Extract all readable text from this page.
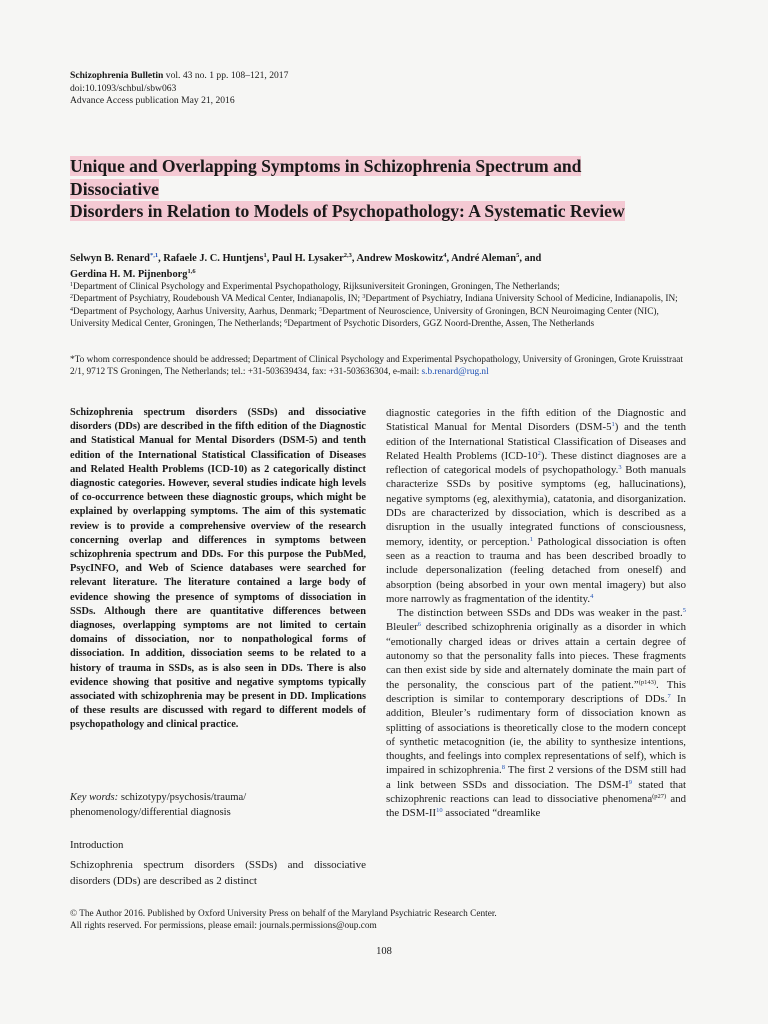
Schizophrenia Bulletin vol. 43 no. 1 pp. 108–121, 2017
doi:10.1093/schbul/sbw063
Advance Access publication May 21, 2016
Unique and Overlapping Symptoms in Schizophrenia Spectrum and Dissociative
Disorders in Relation to Models of Psychopathology: A Systematic Review
Selwyn B. Renard$^{*,1}$, Rafaele J. C. Huntjens$^1$, Paul H. Lysaker$^{2,3}$, Andrew Moskowitz$^4$, André Aleman$^5$, and
Gerdina H. M. Pijnenborg$^{1,6}$
$^1$Department of Clinical Psychology and Experimental Psychopathology, Rijksuniversiteit Groningen, Groningen, The Netherlands;
$^2$Department of Psychiatry, Roudeboush VA Medical Center, Indianapolis, IN; $^3$Department of Psychiatry, Indiana University School of Medicine, Indianapolis, IN; $^4$Department of Psychology, Aarhus University, Aarhus, Denmark; $^5$Department of Neuroscience, University of Groningen, BCN Neuroimaging Center (NIC), University Medical Center, Groningen, The Netherlands; $^6$Department of Psychotic Disorders, GGZ Noord-Drenthe, Assen, The Netherlands
*To whom correspondence should be addressed; Department of Clinical Psychology and Experimental Psychopathology, University of Groningen, Grote Kruisstraat 2/1, 9712 TS Groningen, The Netherlands; tel.: +31-503639434, fax: +31-503636304, e-mail: s.b.renard@rug.nl
Schizophrenia spectrum disorders (SSDs) and dissociative disorders (DDs) are described in the fifth edition of the Diagnostic and Statistical Manual for Mental Disorders (DSM-5) and tenth edition of the International Statistical Classification of Diseases and Related Health Problems (ICD-10) as 2 categorically distinct diagnostic categories. However, several studies indicate high levels of co-occurrence between these diagnostic groups, which might be explained by overlapping symptoms. The aim of this systematic review is to provide a comprehensive overview of the research concerning overlap and differences in symptoms between schizophrenia spectrum and DDs. For this purpose the PubMed, PsycINFO, and Web of Science databases were searched for relevant literature. The literature contained a large body of evidence showing the presence of symptoms of dissociation in SSDs. Although there are quantitative differences between diagnoses, overlapping symptoms are not limited to certain domains of dissociation, nor to nonpathological forms of dissociation. In addition, dissociation seems to be related to a history of trauma in SSDs, as is also seen in DDs. There is also evidence showing that positive and negative symptoms typically associated with schizophrenia may be present in DD. Implications of these results are discussed with regard to different models of psychopathology and clinical practice.
Key words: schizotypy/psychosis/trauma/ phenomenology/differential diagnosis
Introduction
Schizophrenia spectrum disorders (SSDs) and dissociative disorders (DDs) are described as 2 distinct

diagnostic categories in the fifth edition of the Diagnostic and Statistical Manual for Mental Disorders $(DSM-5^1)$ and the tenth edition of the International Statistical Classification of Diseases and Related Health Problems $(ICD-10^2)$. These distinct diagnoses are a reflection of categorical models of psychopathology.$^3$ Both manuals characterize SSDs by positive symptoms (eg, hallucinations), negative symptoms (eg, alexithymia), catatonia, and disorganization. DDs are characterized by dissociation, which is described as a disruption in the usually integrated functions of consciousness, memory, identity, or perception.$^1$ Pathological dissociation is often seen as a reaction to trauma and has been described broadly to include depersonalization (feeling detached from oneself) and absorption (being absorbed in your own mental imagery) but also more narrowly as fragmentation of the identity.$^4$

The distinction between SSDs and DDs was weaker in the past.$^5$ Bleuler$^6$ described schizophrenia originally as a disorder in which “emotionally charged ideas or drives attain a certain degree of autonomy so that the personality falls into pieces. These fragments can then exist side by side and alternately dominate the main part of the personality, the conscious part of the patient.”$^{(p143)}$. This description is similar to contemporary descriptions of DDs.$^7$ In addition, Bleuler’s rudimentary form of dissociation known as splitting of associations is theoretically close to the modern concept of synthetic metacognition (ie, the ability to synthesize intentions, thoughts, and feelings into complex representations of self), which is impaired in schizophrenia.$^8$ The first 2 versions of the DSM still had a link between SSDs and dissociation. The DSM-$I^9$ stated that schizophrenic reactions can lead to dissociative phenomena$^{(p27)}$ and the DSM-II$^{10}$ associated “dreamlike

© The Author 2016. Published by Oxford University Press on behalf of the Maryland Psychiatric Research Center.
All rights reserved. For permissions, please email: journals.permissions@oup.com
108
